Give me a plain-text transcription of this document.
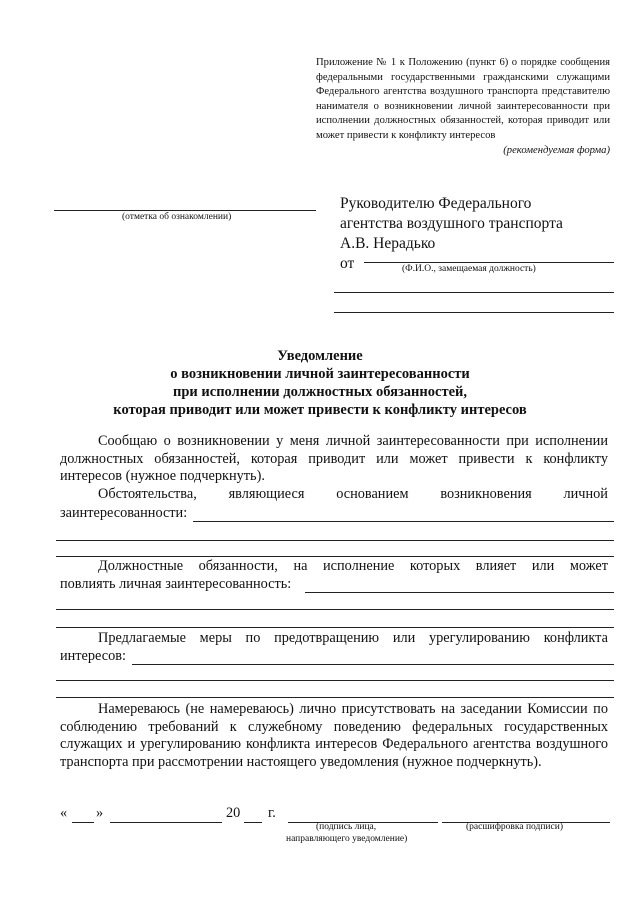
Приложение № 1 к Положению (пункт 6) о порядке сообщения федеральными государственными гражданскими служащими Федерального агентства воздушного транспорта представителю нанимателя о возникновении личной заинтересованности при исполнении должностных обязанностей, которая приводит или может привести к конфликту интересов
(рекомендуемая форма)
(отметка об ознакомлении)
Руководителю Федерального
агентства воздушного транспорта
А.В. Нерадько
от	(Ф.И.О., замещаемая должность)
Уведомление
о возникновении личной заинтересованности
при исполнении должностных обязанностей,
которая приводит или может привести к конфликту интересов
Сообщаю о возникновении у меня личной заинтересованности при исполнении должностных обязанностей, которая приводит или может привести к конфликту интересов (нужное подчеркнуть).
Обстоятельства, являющиеся основанием возникновения личной
заинтересованности:
Должностные обязанности, на исполнение которых влияет или может
повлиять личная заинтересованность:
Предлагаемые меры по предотвращению или урегулированию конфликта
интересов:
Намереваюсь (не намереваюсь) лично присутствовать на заседании Комиссии по соблюдению требований к служебному поведению федеральных государственных служащих и урегулированию конфликта интересов Федерального агентства воздушного транспорта при рассмотрении настоящего уведомления (нужное подчеркнуть).
« »	20 г.
(подпись лица,
направляющего уведомление)
(расшифровка подписи)
